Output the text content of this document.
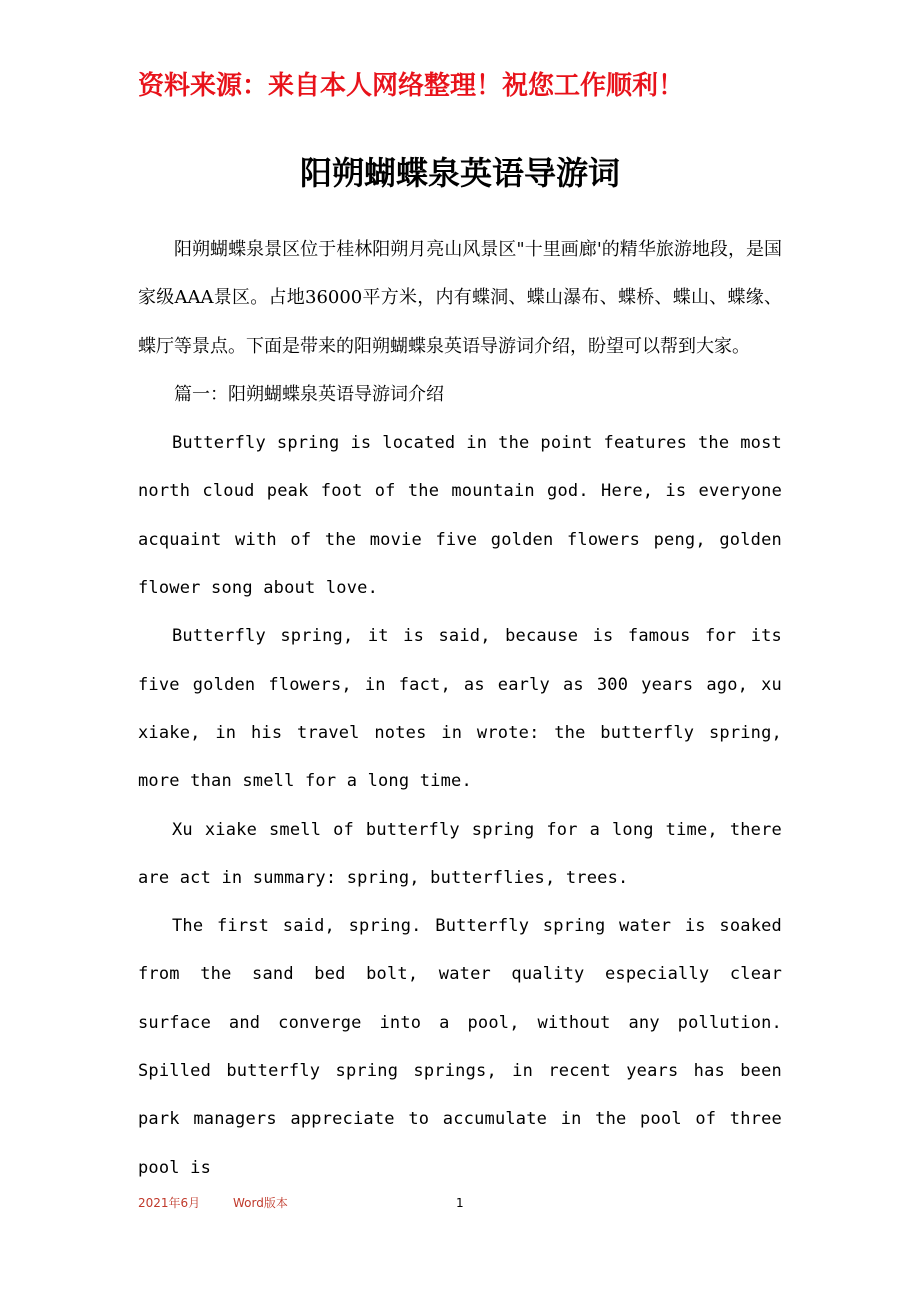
资料来源：来自本人网络整理！祝您工作顺利！
阳朔蝴蝶泉英语导游词

阳朔蝴蝶泉景区位于桂林阳朔月亮山风景区"十里画廊'的精华旅游地段，是国家级AAA景区。占地36000平方米，内有蝶洞、蝶山瀑布、蝶桥、蝶山、蝶缘、蝶厅等景点。下面是带来的阳朔蝴蝶泉英语导游词介绍，盼望可以帮到大家。

篇一：阳朔蝴蝶泉英语导游词介绍

Butterfly spring is located in the point features the most north cloud peak foot of the mountain god. Here, is everyone acquaint with of the movie five golden flowers peng, golden flower song about love.

Butterfly spring, it is said, because is famous for its five golden flowers, in fact, as early as 300 years ago, xu xiake, in his travel notes in wrote: the butterfly spring, more than smell for a long time.

Xu xiake smell of butterfly spring for a long time, there are act in summary: spring, butterflies, trees.

The first said, spring. Butterfly spring water is soaked from the sand bed bolt, water quality especially clear surface and converge into a pool, without any pollution. Spilled butterfly spring springs, in recent years has been park managers appreciate to accumulate in the pool of three pool is

2021年6月	Word版本	1
